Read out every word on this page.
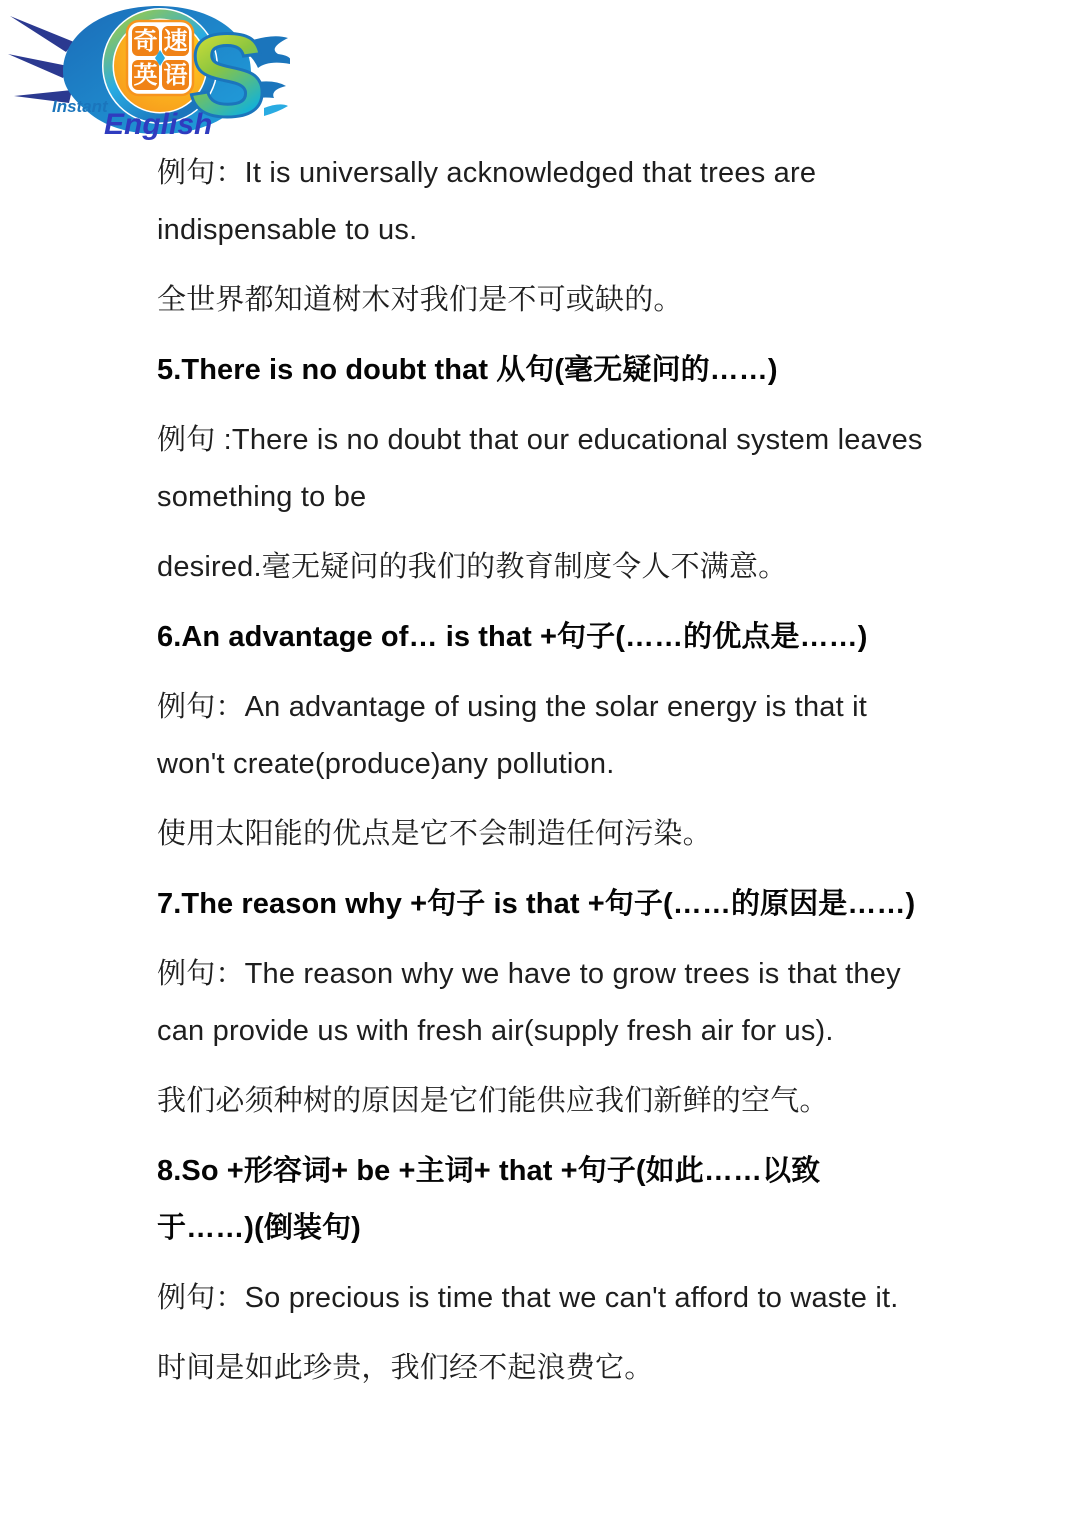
奇 速
英 语 S
Instant
English
例句：It is universally acknowledged that trees are
indispensable to us.
全世界都知道树木对我们是不可或缺的。
5.There is no doubt that 从句(毫无疑问的……)
例句 :There is no doubt that our educational system leaves
something to be
desired.毫无疑问的我们的教育制度令人不满意。
6.An advantage of… is that +句子(……的优点是……)
例句：An advantage of using the solar energy is that it
won't create(produce)any pollution.
使用太阳能的优点是它不会制造任何污染。
7.The reason why +句子 is that +句子(……的原因是……)
例句：The reason why we have to grow trees is that they
can provide us with fresh air(supply fresh air for us).
我们必须种树的原因是它们能供应我们新鲜的空气。
8.So +形容词+ be +主词+ that +句子(如此……以致
于……)(倒装句)
例句：So precious is time that we can't afford to waste it.
时间是如此珍贵，我们经不起浪费它。
